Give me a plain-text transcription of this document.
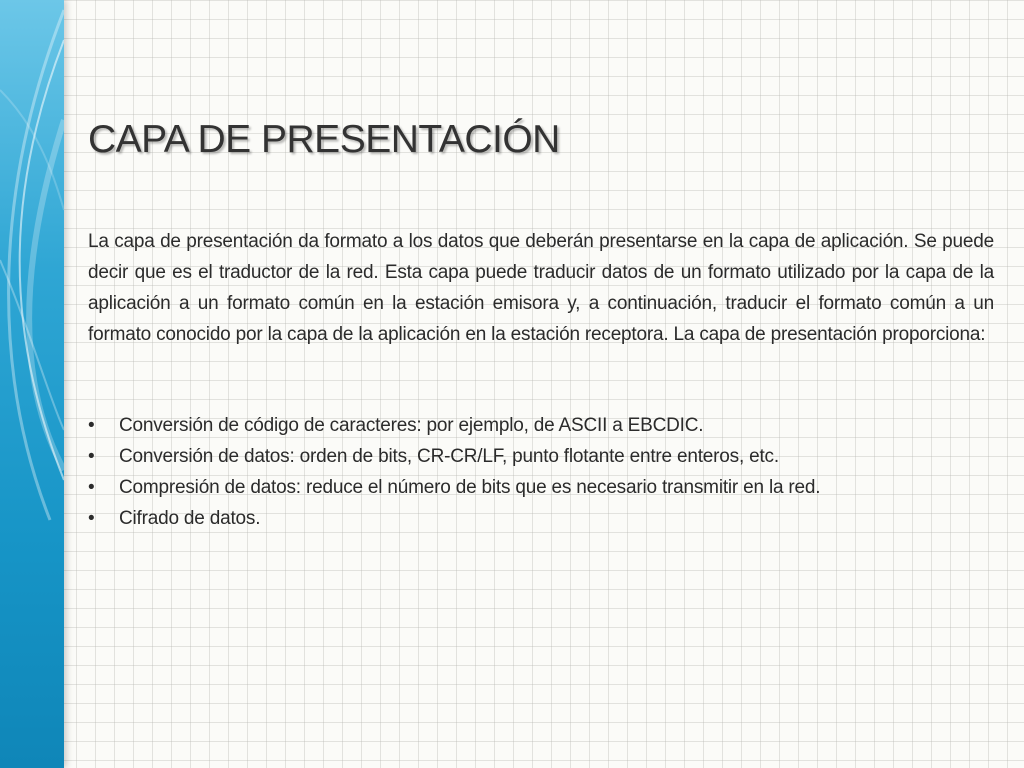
CAPA DE PRESENTACIÓN

La capa de presentación da formato a los datos que deberán presentarse en la capa de aplicación. Se puede decir que es el traductor de la red. Esta capa puede traducir datos de un formato utilizado por la capa de la aplicación a un formato común en la estación emisora y, a continuación, traducir el formato común a un formato conocido por la capa de la aplicación en la estación receptora. La capa de presentación proporciona:

•	Conversión de código de caracteres: por ejemplo, de ASCII a EBCDIC.
•	Conversión de datos: orden de bits, CR-CR/LF, punto flotante entre enteros, etc.
•	Compresión de datos: reduce el número de bits que es necesario transmitir en la red.
•	Cifrado de datos.
